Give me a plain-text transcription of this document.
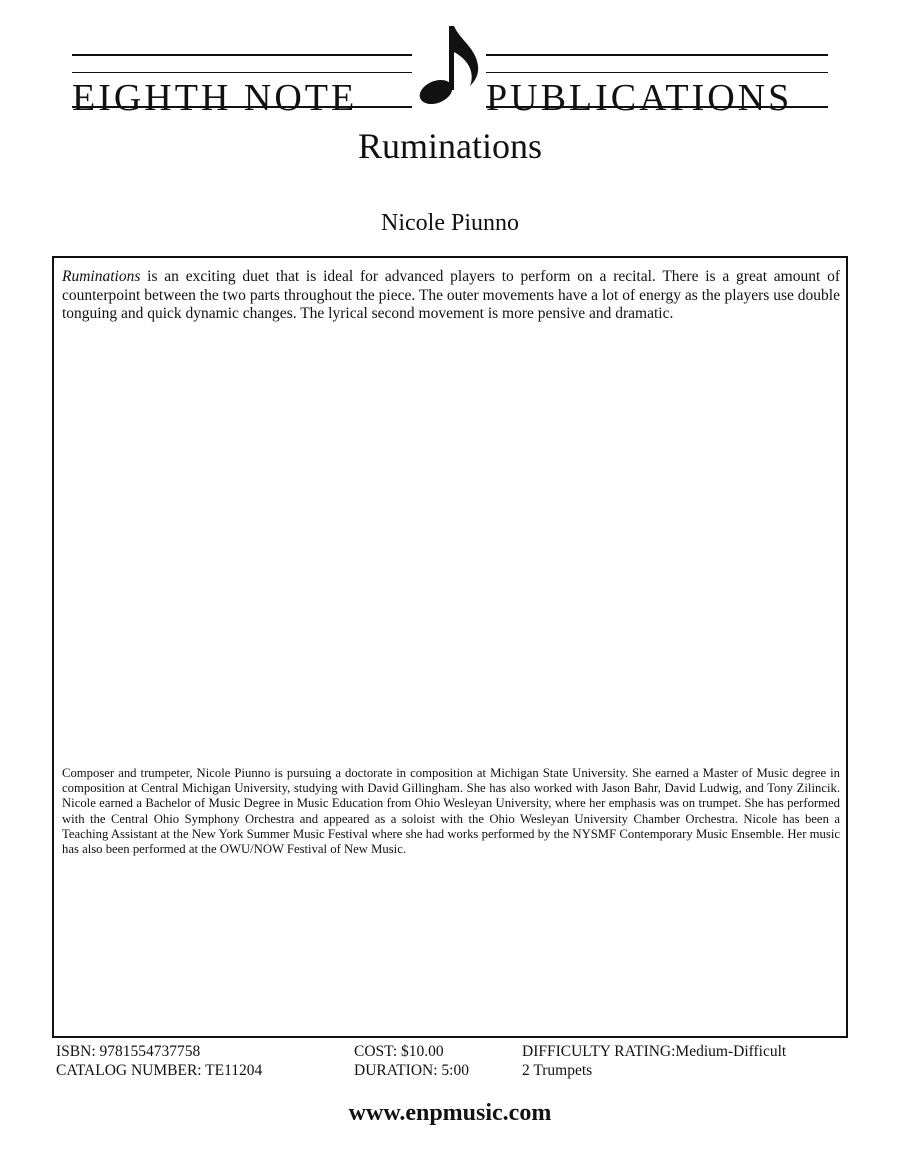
EIGHTH NOTE	PUBLICATIONS
Ruminations
Nicole Piunno

Ruminations is an exciting duet that is ideal for advanced players to perform on a recital. There is a great amount of counterpoint between the two parts throughout the piece. The outer movements have a lot of energy as the players use double tonguing and quick dynamic changes. The lyrical second movement is more pensive and dramatic.

Composer and trumpeter, Nicole Piunno is pursuing a doctorate in composition at Michigan State University. She earned a Master of Music degree in composition at Central Michigan University, studying with David Gillingham. She has also worked with Jason Bahr, David Ludwig, and Tony Zilincik. Nicole earned a Bachelor of Music Degree in Music Education from Ohio Wesleyan University, where her emphasis was on trumpet. She has performed with the Central Ohio Symphony Orchestra and appeared as a soloist with the Ohio Wesleyan University Chamber Orchestra. Nicole has been a Teaching Assistant at the New York Summer Music Festival where she had works performed by the NYSMF Contemporary Music Ensemble. Her music has also been performed at the OWU/NOW Festival of New Music.

ISBN: 9781554737758
CATALOG NUMBER: TE11204
COST: $10.00
DURATION: 5:00
DIFFICULTY RATING:Medium-Difficult
2 Trumpets
www.enpmusic.com
